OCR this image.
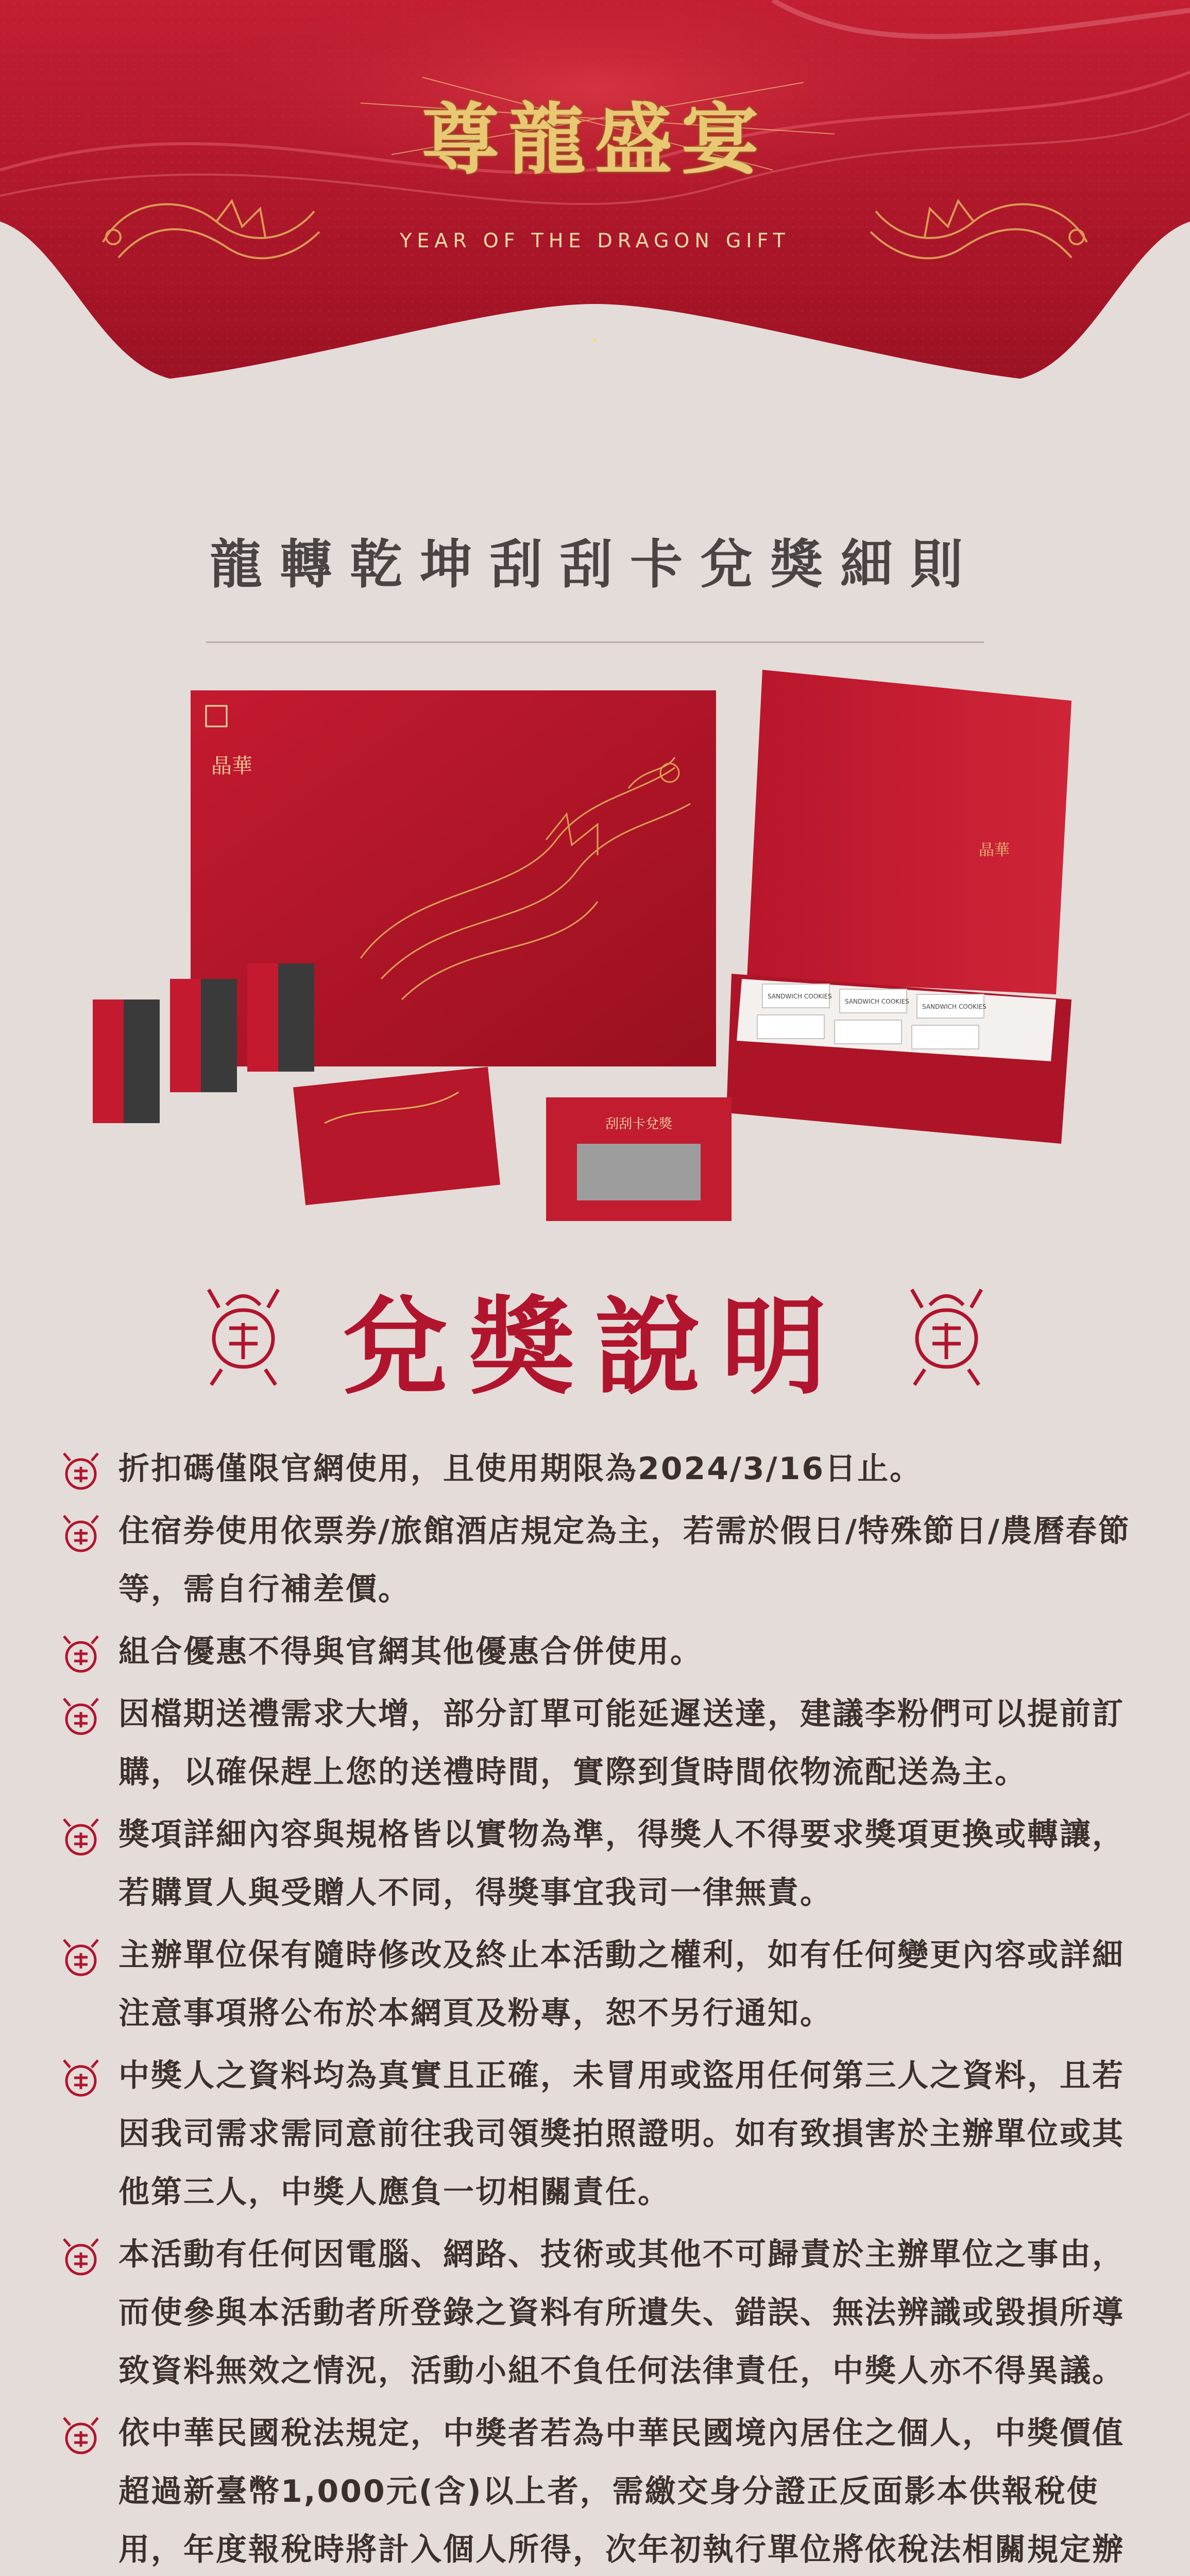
尊龍盛宴
YEAR OF THE DRAGON GIFT
龍轉乾坤刮刮卡兌獎細則
晶華
晶華
SANDWICH COOKIES
SANDWICH COOKIES
SANDWICH COOKIES
刮刮卡兌獎
兌獎說明

折扣碼僅限官網使用，且使用期限為2024/3/16日止。

住宿券使用依票券/旅館酒店規定為主，若需於假日/特殊節日/農曆春節等，需自行補差價。

組合優惠不得與官網其他優惠合併使用。

因檔期送禮需求大增，部分訂單可能延遲送達，建議李粉們可以提前訂購，以確保趕上您的送禮時間，實際到貨時間依物流配送為主。

獎項詳細內容與規格皆以實物為準，得獎人不得要求獎項更換或轉讓，若購買人與受贈人不同，得獎事宜我司一律無責。

主辦單位保有隨時修改及終止本活動之權利，如有任何變更內容或詳細注意事項將公布於本網頁及粉專，恕不另行通知。

中獎人之資料均為真實且正確，未冒用或盜用任何第三人之資料，且若因我司需求需同意前往我司領獎拍照證明。如有致損害於主辦單位或其他第三人，中獎人應負一切相關責任。

本活動有任何因電腦、網路、技術或其他不可歸責於主辦單位之事由，而使參與本活動者所登錄之資料有所遺失、錯誤、無法辨識或毀損所導致資料無效之情況，活動小組不負任何法律責任，中獎人亦不得異議。

依中華民國稅法規定，中獎者若為中華民國境內居住之個人，中獎價值超過新臺幣1,000元(含)以上者，需繳交身分證正反面影本供報稅使用，年度報稅時將計入個人所得，次年初執行單位將依稅法相關規定辦
